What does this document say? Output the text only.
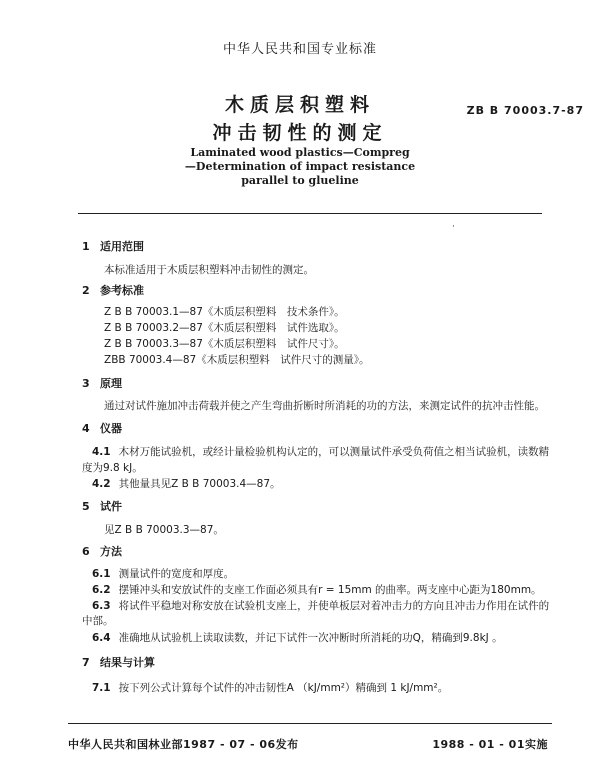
中华人民共和国专业标准
木质层积塑料
冲击韧性的测定
ZB B 70003.7-87
Laminated wood plastics—Compreg
—Determination of impact resistance
parallel to glueline
·
1 适用范围
本标准适用于木质层积塑料冲击韧性的测定。
2 参考标准
Z B B 70003.1—87《木质层积塑料　技术条件》。
Z B B 70003.2—87《木质层积塑料　试件选取》。
Z B B 70003.3—87《木质层积塑料　试件尺寸》。
ZBB 70003.4—87《木质层积塑料　试件尺寸的测量》。
3 原理
通过对试件施加冲击荷载并使之产生弯曲折断时所消耗的功的方法，来测定试件的抗冲击性能。
4 仪器
4.1 木材万能试验机，或经计量检验机构认定的，可以测量试件承受负荷值之相当试验机，读数精
度为9.8 kJ。
4.2 其他量具见Z B B 70003.4—87。
5 试件
见Z B B 70003.3—87。
6 方法
6.1 测量试件的宽度和厚度。
6.2 摆锤冲头和安放试件的支座工作面必须具有r = 15mm 的曲率。两支座中心距为180mm。
6.3 将试件平稳地对称安放在试验机支座上，并使单板层对着冲击力的方向且冲击力作用在试件的
中部。
6.4 准确地从试验机上读取读数，并记下试件一次冲断时所消耗的功Q，精确到9.8kJ 。
7 结果与计算
7.1 按下列公式计算每个试件的冲击韧性A （kJ/mm²）精确到 1 kJ/mm²。
中华人民共和国林业部1987 - 07 - 06发布	1988 - 01 - 01实施
